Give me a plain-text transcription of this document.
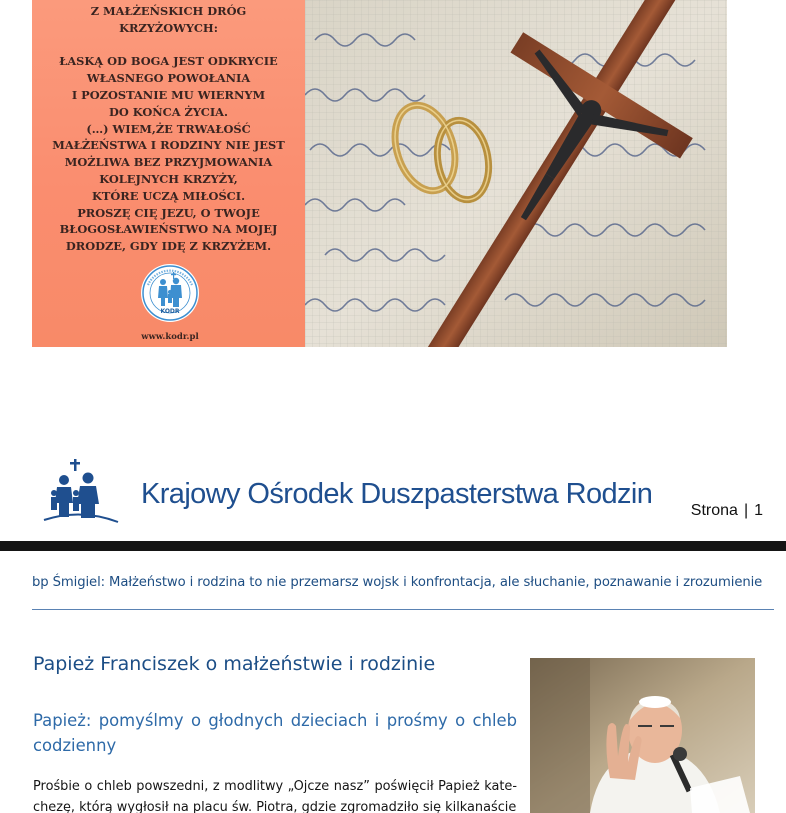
Z MAŁŻEŃSKICH DRÓG
KRZYŻOWYCH:

ŁASKĄ OD BOGA JEST ODKRYCIE
WŁASNEGO POWOŁANIA
I POZOSTANIE MU WIERNYM
DO KOŃCA ŻYCIA.
(…) WIEM,ŻE TRWAŁOŚĆ
MAŁŻEŃSTWA I RODZINY NIE JEST
MOŻLIWA BEZ PRZYJMOWANIA
KOLEJNYCH KRZYŻY,
KTÓRE UCZĄ MIŁOŚCI.
PROSZĘ CIĘ JEZU, O TWOJE
BŁOGOSŁAWIEŃSTWO NA MOJEJ
DRODZE, GDY IDĘ Z KRZYŻEM.
KODR
www.kodr.pl
Krajowy Ośrodek Duszpasterstwa Rodzin
Strona | 1
bp Śmigiel: Małżeństwo i rodzina to nie przemarsz wojsk i konfrontacja, ale słuchanie, poznawanie i zrozumienie
Papież Franciszek o małżeństwie i rodzinie
Papież: pomyślmy o głodnych dzieciach i prośmy o chleb codzienny
Prośbie o chleb powszedni, z modlitwy „Ojcze nasz” poświęcił Papież kate-chezę, którą wygłosił na placu św. Piotra, gdzie zgromadziło się kilkanaście
